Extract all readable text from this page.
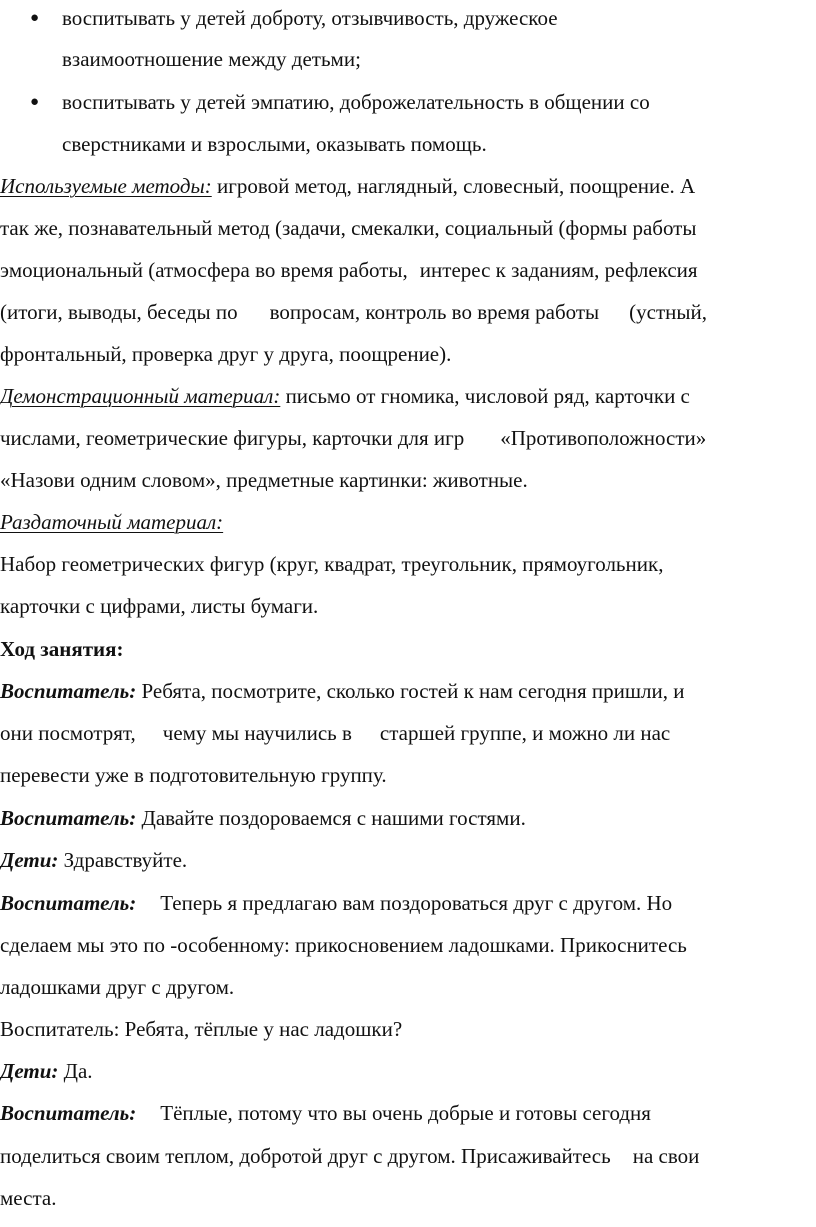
● воспитывать у детей доброту, отзывчивость, дружеское
взаимоотношение между детьми;
● воспитывать у детей эмпатию, доброжелательность в общении со
сверстниками и взрослыми, оказывать помощь.
Используемые методы: игровой метод, наглядный, словесный, поощрение. А
так же, познавательный метод (задачи, смекалки, социальный (формы работы
эмоциональный (атмосфера во время работы, интерес к заданиям, рефлексия
(итоги, выводы, беседы по вопросам, контроль во время работы (устный,
фронтальный, проверка друг у друга, поощрение).
Демонстрационный материал: письмо от гномика, числовой ряд, карточки с
числами, геометрические фигуры, карточки для игр «Противоположности»
«Назови одним словом», предметные картинки: животные.
Раздаточный материал:
Набор геометрических фигур (круг, квадрат, треугольник, прямоугольник,
карточки с цифрами, листы бумаги.
Ход занятия:
Воспитатель: Ребята, посмотрите, сколько гостей к нам сегодня пришли, и
они посмотрят, чему мы научились в старшей группе, и можно ли нас
перевести уже в подготовительную группу.
Воспитатель: Давайте поздороваемся с нашими гостями.
Дети: Здравствуйте.
Воспитатель: Теперь я предлагаю вам поздороваться друг с другом. Но
сделаем мы это по -особенному: прикосновением ладошками. Прикоснитесь
ладошками друг с другом.
Воспитатель: Ребята, тёплые у нас ладошки?
Дети: Да.
Воспитатель: Тёплые, потому что вы очень добрые и готовы сегодня
поделиться своим теплом, добротой друг с другом. Присаживайтесь на свои
места.
